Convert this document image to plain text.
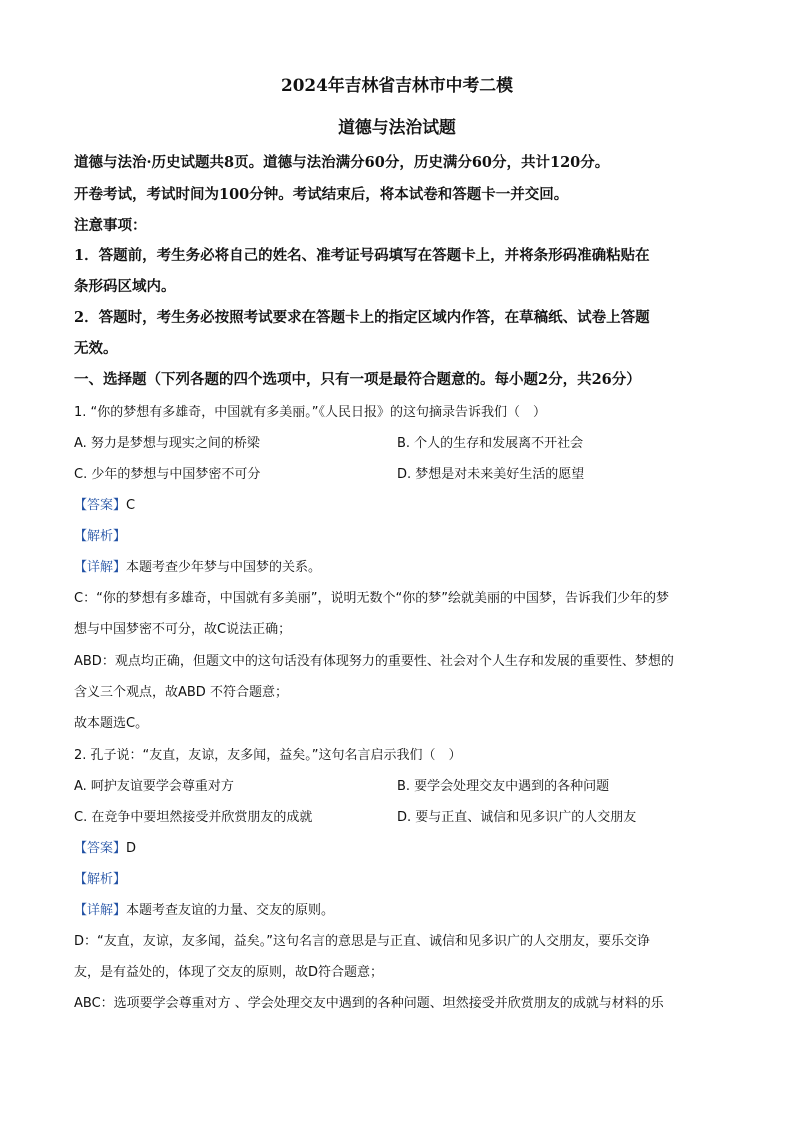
2024年吉林省吉林市中考二模
道德与法治试题
道德与法治·历史试题共8页。道德与法治满分60分，历史满分60分，共计120分。
开卷考试，考试时间为100分钟。考试结束后，将本试卷和答题卡一并交回。
注意事项：
1．答题前，考生务必将自己的姓名、准考证号码填写在答题卡上，并将条形码准确粘贴在
条形码区域内。
2．答题时，考生务必按照考试要求在答题卡上的指定区域内作答，在草稿纸、试卷上答题
无效。
一、选择题（下列各题的四个选项中，只有一项是最符合题意的。每小题2分，共26分）
1. “你的梦想有多雄奇，中国就有多美丽。”《人民日报》的这句摘录告诉我们（　）
A. 努力是梦想与现实之间的桥梁	B. 个人的生存和发展离不开社会
C. 少年的梦想与中国梦密不可分	D. 梦想是对未来美好生活的愿望
【答案】C
【解析】
【详解】本题考查少年梦与中国梦的关系。
C：“你的梦想有多雄奇，中国就有多美丽”，说明无数个“你的梦”绘就美丽的中国梦，告诉我们少年的梦
想与中国梦密不可分，故C说法正确；
ABD：观点均正确，但题文中的这句话没有体现努力的重要性、社会对个人生存和发展的重要性、梦想的
含义三个观点，故ABD 不符合题意；
故本题选C。
2. 孔子说：“友直，友谅，友多闻，益矣。”这句名言启示我们（　）
A. 呵护友谊要学会尊重对方	B. 要学会处理交友中遇到的各种问题
C. 在竞争中要坦然接受并欣赏朋友的成就	D. 要与正直、诚信和见多识广的人交朋友
【答案】D
【解析】
【详解】本题考查友谊的力量、交友的原则。
D：“友直，友谅，友多闻，益矣。”这句名言的意思是与正直、诚信和见多识广的人交朋友，要乐交诤
友，是有益处的，体现了交友的原则，故D符合题意；
ABC：选项要学会尊重对方 、学会处理交友中遇到的各种问题、坦然接受并欣赏朋友的成就与材料的乐
